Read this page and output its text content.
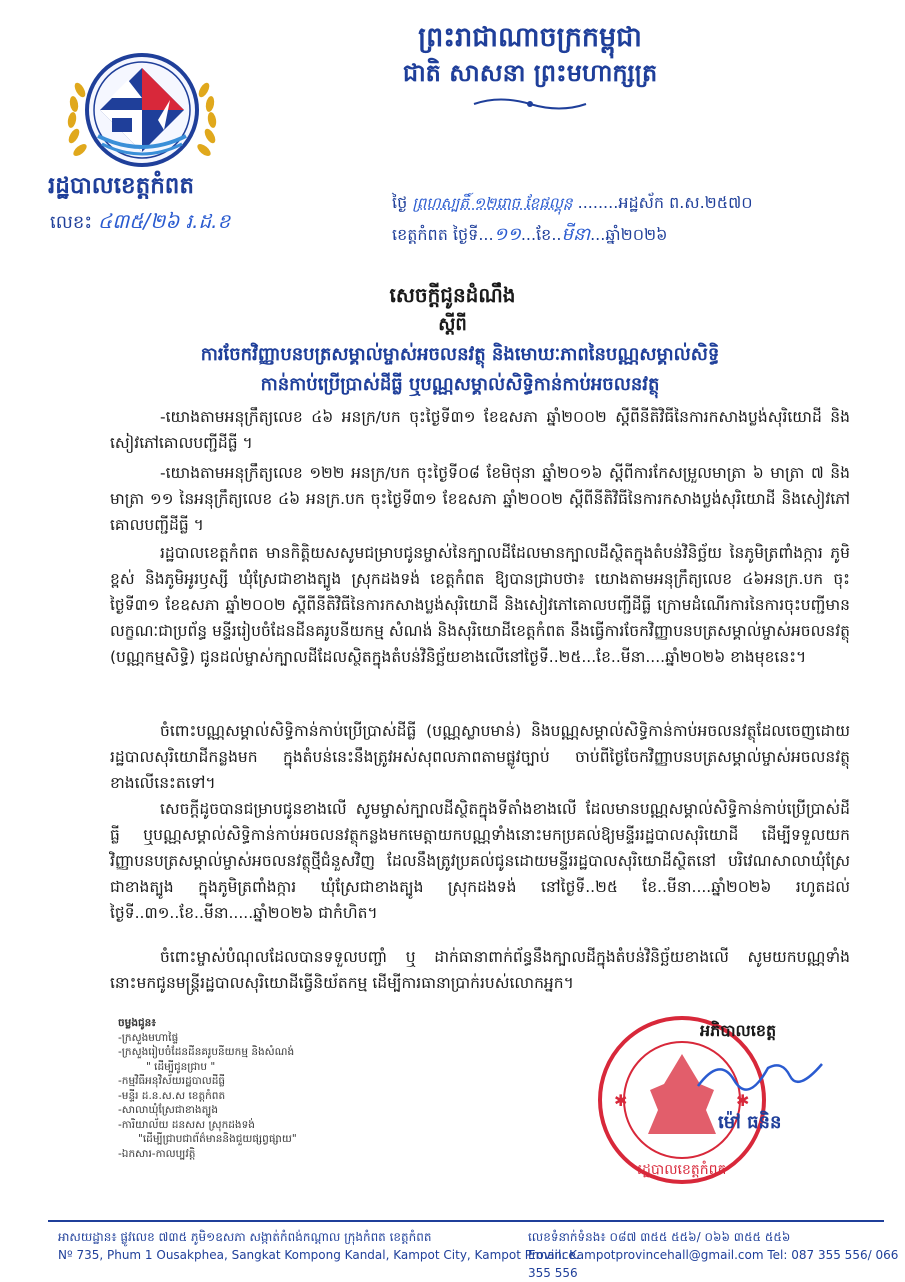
ព្រះរាជាណាចក្រកម្ពុជា
ជាតិ សាសនា ព្រះមហាក្សត្រ
រដ្ឋបាលខេត្តកំពត
លេខះ ៤៣៥/២៦ រ.ដ.ខ
ថ្ងៃ ព្រហស្បតិ៍ ១២រោច ខែផល្គុន ........អដ្ឋស័ក ព.ស.២៥៧០
ខេត្តកំពត ថ្ងៃទី...១១...ខែ..មីនា...ឆ្នាំ២០២៦
សេចក្តីជូនដំណឹង
ស្តីពី
ការចែកវិញ្ញាបនបត្រសម្គាល់ម្ចាស់អចលនវត្ថុ និងមោឃៈភាពនៃបណ្ណសម្គាល់សិទ្ធិ
កាន់កាប់ប្រើប្រាស់ដីធ្លី ឬបណ្ណសម្គាល់សិទ្ធិកាន់កាប់អចលនវត្ថុ
-យោងតាមអនុក្រឹត្យលេខ ៤៦ អនក្រ/បក ចុះថ្ងៃទី៣១ ខែឧសភា ឆ្នាំ២០០២ ស្តីពីនីតិវិធីនៃការកសាងប្លង់សុរិយោដី និងសៀវភៅគោលបញ្ជីដីធ្លី ។
-យោងតាមអនុក្រឹត្យលេខ ១២២ អនក្រ/បក ចុះថ្ងៃទី០៨ ខែមិថុនា ឆ្នាំ២០១៦ ស្តីពីការកែសម្រួលមាត្រា ៦ មាត្រា ៧ និងមាត្រា ១១ នៃអនុក្រឹត្យលេខ ៤៦ អនក្រ.បក ចុះថ្ងៃទី៣១ ខែឧសភា ឆ្នាំ២០០២ ស្តីពីនីតិវិធីនៃការកសាងប្លង់សុរិយោដី និងសៀវភៅគោលបញ្ជីដីធ្លី ។
រដ្ឋបាលខេត្តកំពត មានកិត្តិយសសូមជម្រាបជូនម្ចាស់នៃក្បាលដីដែលមានក្បាលដីស្ថិតក្នុងតំបន់វិនិច្ឆ័យ នៃភូមិត្រពាំងក្ការ ភូមិខ្ពស់ និងភូមិអូរឫស្សី ឃុំស្រែជាខាងត្បូង ស្រុកដងទង់ ខេត្តកំពត ឱ្យបានជ្រាបថា៖ យោងតាមអនុក្រឹត្យលេខ ៤៦អនក្រ.បក ចុះថ្ងៃទី៣១ ខែឧសភា ឆ្នាំ២០០២ ស្តីពីនីតិវិធីនៃការកសាងប្លង់សុរិយោដី និងសៀវភៅគោលបញ្ជីដីធ្លី ក្រោមដំណើរការនៃការចុះបញ្ជីមានលក្ខណៈជាប្រព័ន្ធ មន្ទីររៀបចំដែនដីនគរូបនីយកម្ម សំណង់ និងសុរិយោដីខេត្តកំពត នឹងធ្វើការចែកវិញ្ញាបនបត្រសម្គាល់ម្ចាស់អចលនវត្ថុ (បណ្ណកម្មសិទ្ធិ) ជូនដល់ម្ចាស់ក្បាលដីដែលស្ថិតក្នុងតំបន់វិនិច្ឆ័យខាងលើនៅថ្ងៃទី..២៥...ខែ..មីនា....ឆ្នាំ២០២៦ ខាងមុខនេះ។
ចំពោះបណ្ណសម្គាល់សិទ្ធិកាន់កាប់ប្រើប្រាស់ដីធ្លី (បណ្ណស្លាបមាន់) និងបណ្ណសម្គាល់សិទ្ធិកាន់កាប់អចលនវត្ថុដែលចេញដោយរដ្ឋបាលសុរិយោដីកន្លងមក ក្នុងតំបន់នេះនឹងត្រូវអស់សុពលភាពតាមផ្លូវច្បាប់ ចាប់ពីថ្ងៃចែកវិញ្ញាបនបត្រសម្គាល់ម្ចាស់អចលនវត្ថុខាងលើនេះតទៅ។
សេចក្តីដូចបានជម្រាបជូនខាងលើ សូមម្ចាស់ក្បាលដីស្ថិតក្នុងទីតាំងខាងលើ ដែលមានបណ្ណសម្គាល់សិទ្ធិកាន់កាប់ប្រើប្រាស់ដីធ្លី ឬបណ្ណសម្គាល់សិទ្ធិកាន់កាប់អចលនវត្ថុកន្លងមកមេត្តាយកបណ្ណទាំងនោះមកប្រគល់ឱ្យមន្ទីររដ្ឋបាលសុរិយោដី ដើម្បីទទួលយកវិញ្ញាបនបត្រសម្គាល់ម្ចាស់អចលនវត្ថុថ្មីជំនួសវិញ ដែលនឹងត្រូវប្រគល់ជូនដោយមន្ទីររដ្ឋបាលសុរិយោដីស្ថិតនៅ បរិវេណសាលាឃុំស្រែជាខាងត្បូង ក្នុងភូមិត្រពាំងក្ការ ឃុំស្រែជាខាងត្បូង ស្រុកដងទង់ នៅថ្ងៃទី..២៥ ខែ..មីនា....ឆ្នាំ២០២៦ រហូតដល់ថ្ងៃទី..៣១..ខែ..មីនា.....ឆ្នាំ២០២៦ ជាកំហិត។
ចំពោះម្ចាស់បំណុលដែលបានទទួលបញ្ចាំ ឬ ដាក់ធានាពាក់ព័ន្ធនឹងក្បាលដីក្នុងតំបន់វិនិច្ឆ័យខាងលើ សូមយកបណ្ណទាំងនោះមកជូនមន្ត្រីរដ្ឋបាលសុរិយោដីធ្វើនិយ័តកម្ម ដើម្បីការធានាប្រាក់របស់លោកអ្នក។
រដ្ឋបាលខេត្តកំពត
✱	✱
អភិបាលខេត្ត
ម៉ៅ ធនិន
ចម្លងជូន៖
-ក្រសួងមហាផ្ទៃ
-ក្រសួងរៀបចំដែនដីនគរូបនីយកម្ម និងសំណង់
" ដើម្បីជូនជ្រាប "
-កម្មវិធីអនុវិស័យរដ្ឋបាលដីធ្លី
-មន្ទីរ ដ.ន.ស.ស ខេត្តកំពត
-សាលាឃុំស្រែជាខាងត្បូង
-ការិយាល័យ ដនសស ស្រុកដងទង់
"ដើម្បីជ្រាបជាព័ត៌មាននិងជួយផ្សព្វផ្សាយ"
-ឯកសារ-កាលប្បវត្តិ
អាសយដ្ឋាន៖ ផ្លូវលេខ ៧៣៥ ភូមិ១ឧសភា សង្កាត់កំពង់កណ្តាល ក្រុងកំពត ខេត្តកំពត
Nº 735, Phum 1 Ousakphea, Sangkat Kompong Kandal, Kampot City, Kampot Province.
លេខទំនាក់ទំនង៖ ០៨៧ ៣៥៥ ៥៥៦/ ០៦៦ ៣៥៥ ៥៥៦
Email: Kampotprovincehall@gmail.com Tel: 087 355 556/ 066 355 556
